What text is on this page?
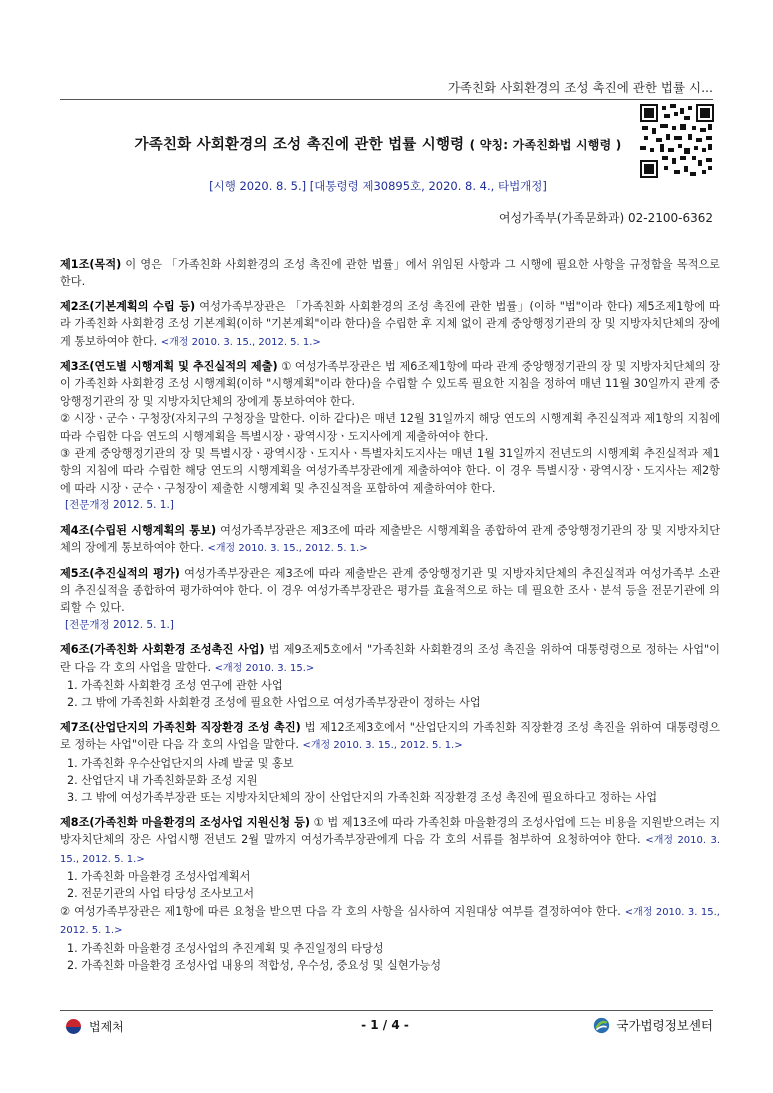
가족친화 사회환경의 조성 촉진에 관한 법률 시...
가족친화 사회환경의 조성 촉진에 관한 법률 시행령 ( 약칭: 가족친화법 시행령 )
[시행 2020. 8. 5.] [대통령령 제30895호, 2020. 8. 4., 타법개정]
여성가족부(가족문화과) 02-2100-6362
제1조(목적) 이 영은 「가족친화 사회환경의 조성 촉진에 관한 법률」에서 위임된 사항과 그 시행에 필요한 사항을 규정함을 목적으로 한다.
제2조(기본계획의 수립 등) 여성가족부장관은 「가족친화 사회환경의 조성 촉진에 관한 법률」(이하 "법"이라 한다) 제5조제1항에 따라 가족친화 사회환경 조성 기본계획(이하 "기본계획"이라 한다)을 수립한 후 지체 없이 관계 중앙행정기관의 장 및 지방자치단체의 장에게 통보하여야 한다. <개정 2010. 3. 15., 2012. 5. 1.>

제3조(연도별 시행계획 및 추진실적의 제출) ① 여성가족부장관은 법 제6조제1항에 따라 관계 중앙행정기관의 장 및 지방자치단체의 장이 가족친화 사회환경 조성 시행계획(이하 "시행계획"이라 한다)을 수립할 수 있도록 필요한 지침을 정하여 매년 11월 30일까지 관계 중앙행정기관의 장 및 지방자치단체의 장에게 통보하여야 한다.

② 시장ㆍ군수ㆍ구청장(자치구의 구청장을 말한다. 이하 같다)은 매년 12월 31일까지 해당 연도의 시행계획 추진실적과 제1항의 지침에 따라 수립한 다음 연도의 시행계획을 특별시장ㆍ광역시장ㆍ도지사에게 제출하여야 한다.

③ 관계 중앙행정기관의 장 및 특별시장ㆍ광역시장ㆍ도지사ㆍ특별자치도지사는 매년 1월 31일까지 전년도의 시행계획 추진실적과 제1항의 지침에 따라 수립한 해당 연도의 시행계획을 여성가족부장관에게 제출하여야 한다. 이 경우 특별시장ㆍ광역시장ㆍ도지사는 제2항에 따라 시장ㆍ군수ㆍ구청장이 제출한 시행계획 및 추진실적을 포함하여 제출하여야 한다.

[전문개정 2012. 5. 1.]
제4조(수립된 시행계획의 통보) 여성가족부장관은 제3조에 따라 제출받은 시행계획을 종합하여 관계 중앙행정기관의 장 및 지방자치단체의 장에게 통보하여야 한다. <개정 2010. 3. 15., 2012. 5. 1.>

제5조(추진실적의 평가) 여성가족부장관은 제3조에 따라 제출받은 관계 중앙행정기관 및 지방자치단체의 추진실적과 여성가족부 소관의 추진실적을 종합하여 평가하여야 한다. 이 경우 여성가족부장관은 평가를 효율적으로 하는 데 필요한 조사ㆍ분석 등을 전문기관에 의뢰할 수 있다.

[전문개정 2012. 5. 1.]

제6조(가족친화 사회환경 조성촉진 사업) 법 제9조제5호에서 "가족친화 사회환경의 조성 촉진을 위하여 대통령령으로 정하는 사업"이란 다음 각 호의 사업을 말한다. <개정 2010. 3. 15.>

1. 가족친화 사회환경 조성 연구에 관한 사업

2. 그 밖에 가족친화 사회환경 조성에 필요한 사업으로 여성가족부장관이 정하는 사업

제7조(산업단지의 가족친화 직장환경 조성 촉진) 법 제12조제3호에서 "산업단지의 가족친화 직장환경 조성 촉진을 위하여 대통령령으로 정하는 사업"이란 다음 각 호의 사업을 말한다. <개정 2010. 3. 15., 2012. 5. 1.>

1. 가족친화 우수산업단지의 사례 발굴 및 홍보

2. 산업단지 내 가족친화문화 조성 지원

3. 그 밖에 여성가족부장관 또는 지방자치단체의 장이 산업단지의 가족친화 직장환경 조성 촉진에 필요하다고 정하는 사업

제8조(가족친화 마을환경의 조성사업 지원신청 등) ① 법 제13조에 따라 가족친화 마을환경의 조성사업에 드는 비용을 지원받으려는 지방자치단체의 장은 사업시행 전년도 2월 말까지 여성가족부장관에게 다음 각 호의 서류를 첨부하여 요청하여야 한다. <개정 2010. 3. 15., 2012. 5. 1.>

1. 가족친화 마을환경 조성사업계획서

2. 전문기관의 사업 타당성 조사보고서

② 여성가족부장관은 제1항에 따른 요청을 받으면 다음 각 호의 사항을 심사하여 지원대상 여부를 결정하여야 한다. <개정 2010. 3. 15., 2012. 5. 1.>

1. 가족친화 마을환경 조성사업의 추진계획 및 추진일정의 타당성

2. 가족친화 마을환경 조성사업 내용의 적합성, 우수성, 중요성 및 실현가능성

법제처	- 1 / 4 -	국가법령정보센터
